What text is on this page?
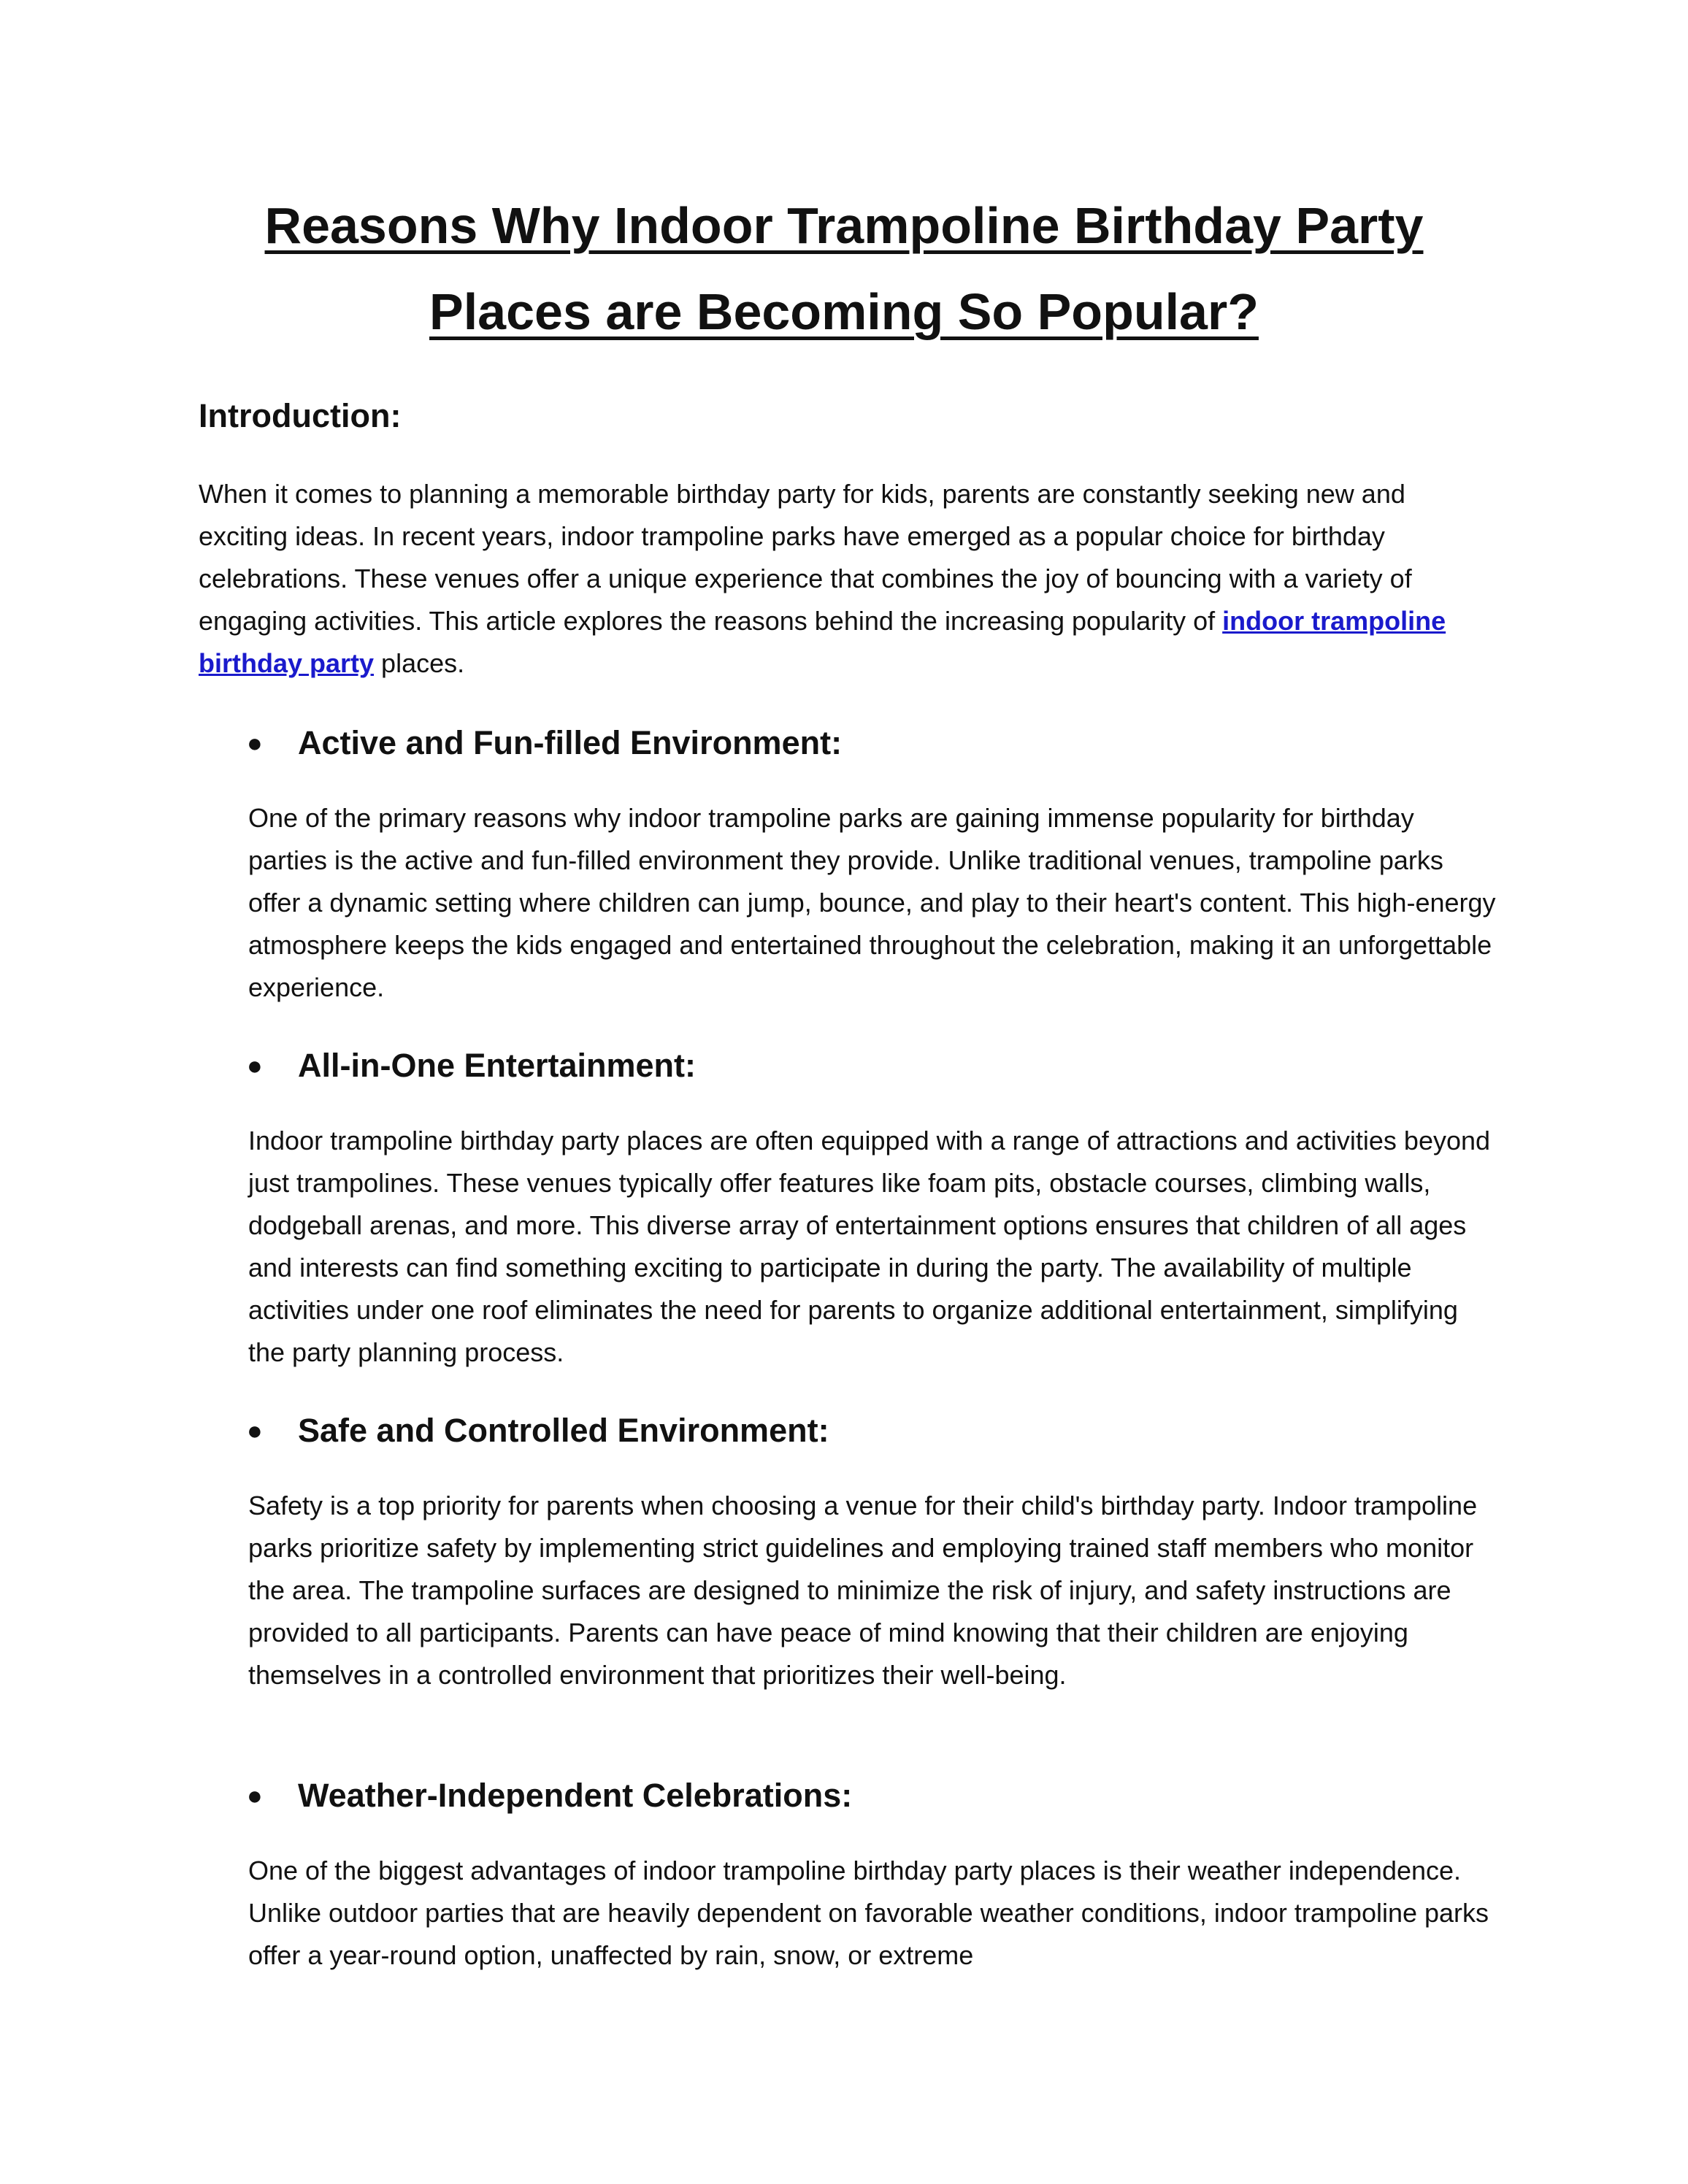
Reasons Why Indoor Trampoline Birthday Party
Places are Becoming So Popular?
Introduction:

When it comes to planning a memorable birthday party for kids, parents are constantly seeking new and exciting ideas. In recent years, indoor trampoline parks have emerged as a popular choice for birthday celebrations. These venues offer a unique experience that combines the joy of bouncing with a variety of engaging activities. This article explores the reasons behind the increasing popularity of indoor trampoline birthday party places.

● Active and Fun-filled Environment:

One of the primary reasons why indoor trampoline parks are gaining immense popularity for birthday parties is the active and fun-filled environment they provide. Unlike traditional venues, trampoline parks offer a dynamic setting where children can jump, bounce, and play to their heart's content. This high-energy atmosphere keeps the kids engaged and entertained throughout the celebration, making it an unforgettable experience.

● All-in-One Entertainment:

Indoor trampoline birthday party places are often equipped with a range of attractions and activities beyond just trampolines. These venues typically offer features like foam pits, obstacle courses, climbing walls, dodgeball arenas, and more. This diverse array of entertainment options ensures that children of all ages and interests can find something exciting to participate in during the party. The availability of multiple activities under one roof eliminates the need for parents to organize additional entertainment, simplifying the party planning process.

● Safe and Controlled Environment:

Safety is a top priority for parents when choosing a venue for their child's birthday party. Indoor trampoline parks prioritize safety by implementing strict guidelines and employing trained staff members who monitor the area. The trampoline surfaces are designed to minimize the risk of injury, and safety instructions are provided to all participants. Parents can have peace of mind knowing that their children are enjoying themselves in a controlled environment that prioritizes their well-being.

● Weather-Independent Celebrations:

One of the biggest advantages of indoor trampoline birthday party places is their weather independence. Unlike outdoor parties that are heavily dependent on favorable weather conditions, indoor trampoline parks offer a year-round option, unaffected by rain, snow, or extreme
